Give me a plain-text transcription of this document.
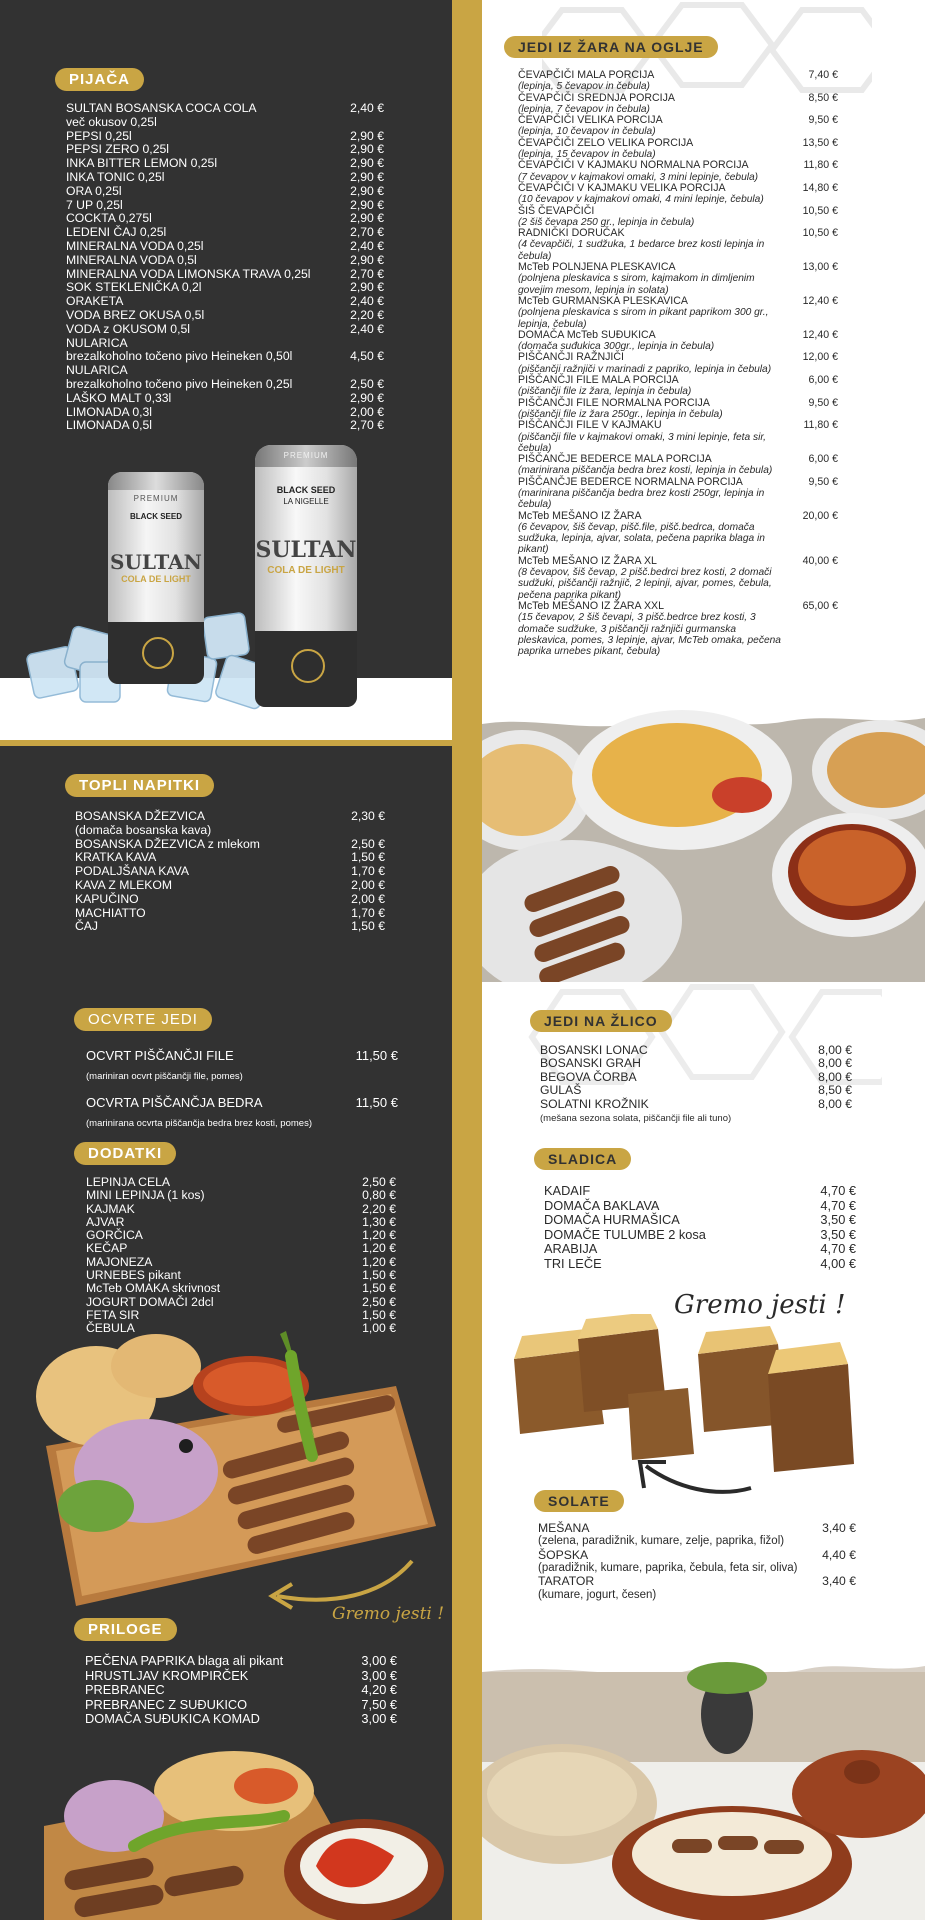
PIJAČA
SULTAN BOSANSKA COCA COLA	2,40 €
več okusov 0,25l
PEPSI 0,25l	2,90 €
PEPSI ZERO 0,25l	2,90 €
INKA BITTER LEMON 0,25l	2,90 €
INKA TONIC 0,25l	2,90 €
ORA 0,25l	2,90 €
7 UP 0,25l	2,90 €
COCKTA 0,275l	2,90 €
LEDENI ČAJ 0,25l	2,70 €
MINERALNA VODA 0,25l	2,40 €
MINERALNA VODA 0,5l	2,90 €
MINERALNA VODA LIMONSKA TRAVA 0,25l	2,70 €
SOK STEKLENIČKA 0,2l	2,90 €
ORAKETA	2,40 €
VODA BREZ OKUSA 0,5l	2,20 €
VODA z OKUSOM 0,5l	2,40 €
NULARICA
brezalkoholno točeno pivo Heineken 0,50l	4,50 €
NULARICA
brezalkoholno točeno pivo Heineken 0,25l	2,50 €
LAŠKO MALT 0,33l	2,90 €
LIMONADA 0,3l	2,00 €
LIMONADA 0,5l	2,70 €
PREMIUM
BLACK SEED
SULTAN
COLA DE LIGHT
PREMIUM
BLACK SEED
LA NIGELLE
SULTAN
COLA DE LIGHT
TOPLI NAPITKI
BOSANSKA DŽEZVICA	2,30 €
(domača bosanska kava)
BOSANSKA DŽEZVICA z mlekom	2,50 €
KRATKA KAVA	1,50 €
PODALJŠANA KAVA	1,70 €
KAVA Z MLEKOM	2,00 €
KAPUČINO	2,00 €
MACHIATTO	1,70 €
ČAJ	1,50 €
OCVRTE JEDI
OCVRT PIŠČANČJI FILE	11,50 €
(mariniran ocvrt piščančji file, pomes)
OCVRTA PIŠČANČJA BEDRA	11,50 €
(marinirana ocvrta piščančja bedra brez kosti, pomes)
DODATKI
LEPINJA CELA	2,50 €
MINI LEPINJA (1 kos)	0,80 €
KAJMAK	2,20 €
AJVAR	1,30 €
GORČICA	1,20 €
KEČAP	1,20 €
MAJONEZA	1,20 €
URNEBES pikant	1,50 €
McTeb OMAKA skrivnost	1,50 €
JOGURT DOMAČI 2dcl	2,50 €
FETA SIR	1,50 €
ČEBULA	1,00 €
Gremo jesti !
PRILOGE
PEČENA PAPRIKA blaga ali pikant	3,00 €
HRUSTLJAV KROMPIRČEK	3,00 €
PREBRANEC	4,20 €
PREBRANEC Z SUĐUKICO	7,50 €
DOMAČA SUĐUKICA KOMAD	3,00 €
JEDI IZ ŽARA NA OGLJE
ČEVAPČIČI MALA PORCIJA	7,40 €
(lepinja, 5 čevapov in čebula)
ČEVAPČIČI SREDNJA PORCIJA	8,50 €
(lepinja, 7 čevapov in čebula)
ČEVAPČIČI VELIKA PORCIJA	9,50 €
(lepinja, 10 čevapov in čebula)
ČEVAPČIČI ZELO VELIKA PORCIJA	13,50 €
(lepinja, 15 čevapov in čebula)
ČEVAPČIČI V KAJMAKU NORMALNA PORCIJA	11,80 €
(7 čevapov v kajmakovi omaki, 3 mini lepinje, čebula)
ČEVAPČIČI V KAJMAKU VELIKA PORCIJA	14,80 €
(10 čevapov v kajmakovi omaki, 4 mini lepinje, čebula)
ŠIŠ ČEVAPČIČI	10,50 €
(2 šiš čevapa 250 gr., lepinja in čebula)
RADNIČKI DORUČAK	10,50 €
(4 čevapčiči, 1 sudžuka, 1 bedarce brez kosti lepinja in čebula)
McTeb POLNJENA PLESKAVICA	13,00 €
(polnjena pleskavica s sirom, kajmakom in dimljenim govejim mesom, lepinja in solata)
McTeb GURMANSKA PLESKAVICA	12,40 €
(polnjena pleskavica s sirom in pikant paprikom 300 gr., lepinja, čebula)
DOMAČA McTeb SUĐUKICA	12,40 €
(domača suđukica 300gr., lepinja in čebula)
PIŠČANČJI RAŽNJIČI	12,00 €
(piščančji ražnjiči v marinadi z papriko, lepinja in čebula)
PIŠČANČJI FILE MALA PORCIJA	6,00 €
(piščančji file iz žara, lepinja in čebula)
PIŠČANČJI FILE NORMALNA PORCIJA	9,50 €
(piščančji file iz žara 250gr., lepinja in čebula)
PIŠČANČJI FILE V KAJMAKU	11,80 €
(piščančji file v kajmakovi omaki, 3 mini lepinje, feta sir, čebula)
PIŠČANČJE BEDERCE MALA PORCIJA	6,00 €
(marinirana piščančja bedra brez kosti, lepinja in čebula)
PIŠČANČJE BEDERCE NORMALNA PORCIJA	9,50 €
(marinirana piščančja bedra brez kosti 250gr, lepinja in čebula)
McTeb MEŠANO IZ ŽARA	20,00 €
(6 čevapov, šiš čevap, pišč.file, pišč.bedrca, domača sudžuka, lepinja, ajvar, solata, pečena paprika blaga in pikant)
McTeb MEŠANO IZ ŽARA XL	40,00 €
(8 čevapov, šiš čevap, 2 pišč.bedrci brez kosti, 2 domači sudžuki, piščančji ražnjič, 2 lepinji, ajvar, pomes, čebula, pečena paprika pikant)
McTeb MEŠANO IZ ŽARA XXL	65,00 €
(15 čevapov, 2 šiš čevapi, 3 pišč.bedrce brez kosti, 3 domače sudžuke, 3 piščančji ražnjiči gurmanska pleskavica, pomes, 3 lepinje, ajvar, McTeb omaka, pečena paprika urnebes pikant, čebula)
JEDI NA ŽLICO
BOSANSKI LONAC	8,00 €
BOSANSKI GRAH	8,00 €
BEGOVA ČORBA	8,00 €
GULAŠ	8,50 €
SOLATNI KROŽNIK	8,00 €
(mešana sezona solata, piščančji file ali tuno)
SLADICA
KADAIF	4,70 €
DOMAČA BAKLAVA	4,70 €
DOMAČA HURMAŠICA	3,50 €
DOMAČE TULUMBE 2 kosa	3,50 €
ARABIJA	4,70 €
TRI LEČE	4,00 €
Gremo jesti !
SOLATE
MEŠANA	3,40 €
(zelena, paradižnik, kumare, zelje, paprika, fižol)
ŠOPSKA	4,40 €
(paradižnik, kumare, paprika, čebula, feta sir, oliva)
TARATOR	3,40 €
(kumare, jogurt, česen)
